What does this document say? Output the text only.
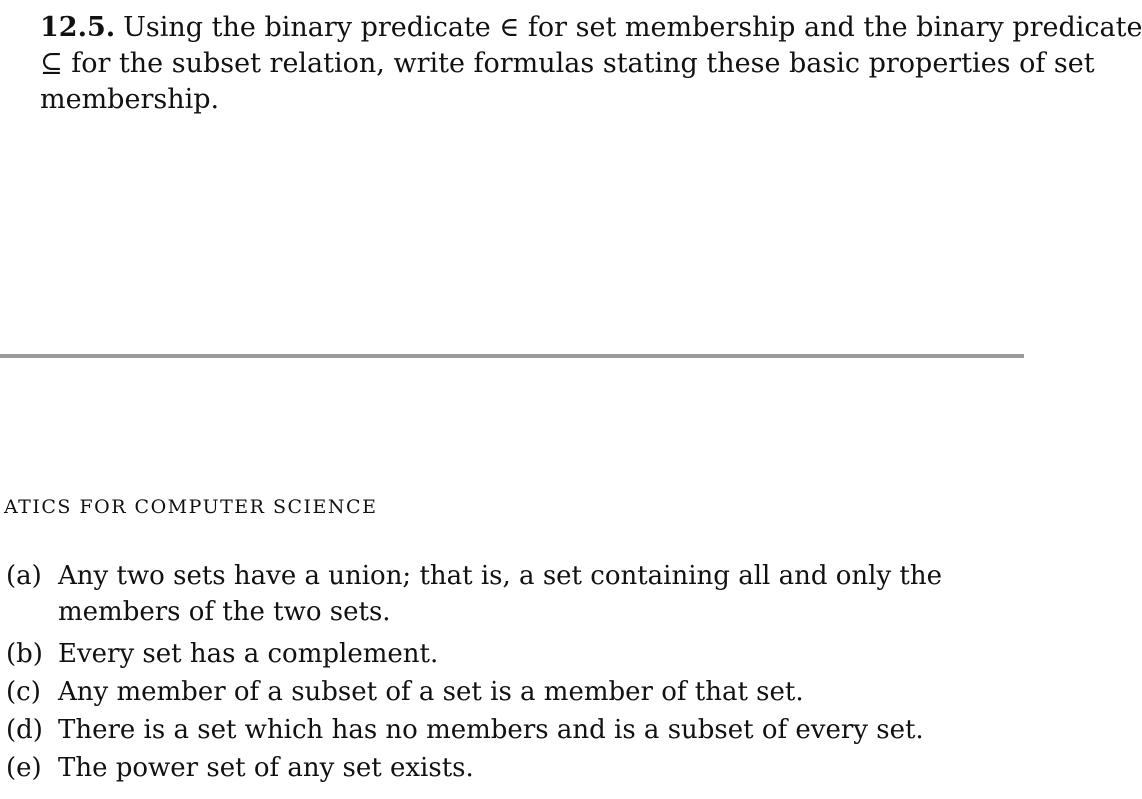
12.5. Using the binary predicate ∈ for set membership and the binary predicate
⊆ for the subset relation, write formulas stating these basic properties of set
membership.
ATICS FOR COMPUTER SCIENCE
(a) Any two sets have a union; that is, a set containing all and only the
members of the two sets.
(b) Every set has a complement.
(c) Any member of a subset of a set is a member of that set.
(d) There is a set which has no members and is a subset of every set.
(e) The power set of any set exists.
